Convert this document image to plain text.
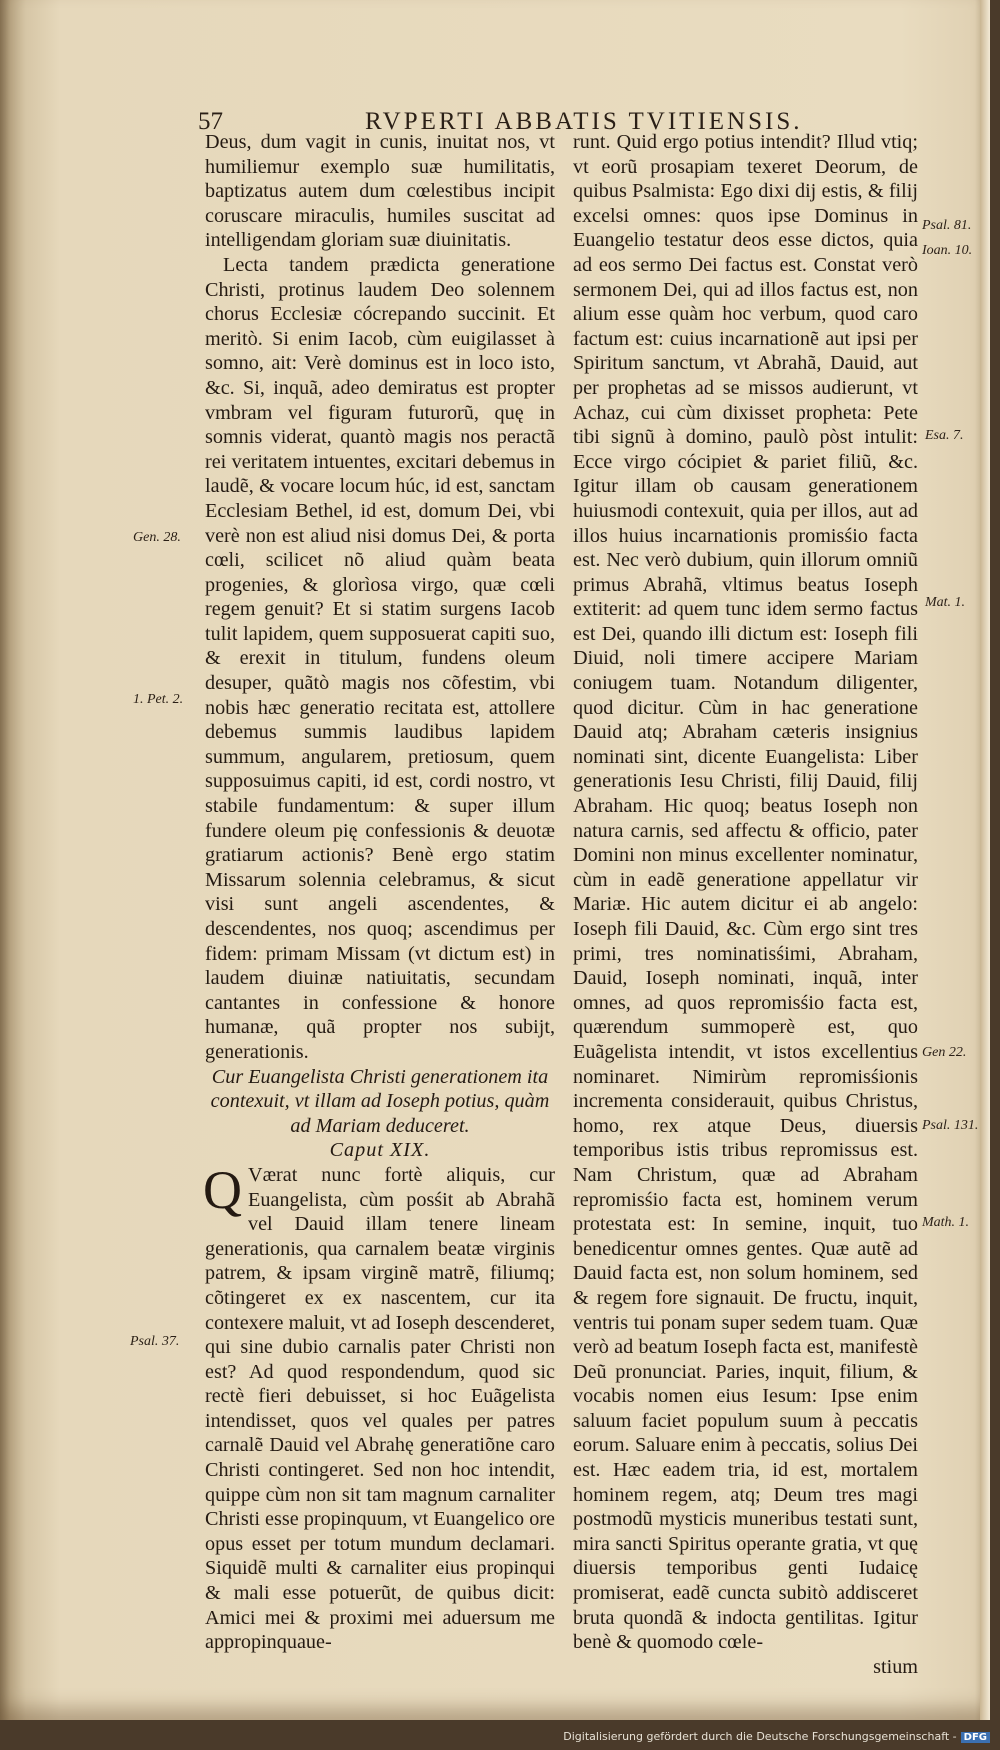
57	RVPERTI ABBATIS TVITIENSIS.

Deus, dum vagit in cunis, inuitat nos, vt humiliemur exemplo suæ humilitatis, baptizatus autem dum cœlestibus incipit coruscare miraculis, humiles suscitat ad intelligendam gloriam suæ diuinitatis.

Lecta tandem prædicta generatione Christi, protinus laudem Deo solennem chorus Ecclesiæ cócrepando succinit. Et meritò. Si enim Iacob, cùm euigilasset à somno, ait: Verè dominus est in loco isto, &c. Si, inquã, adeo demiratus est propter vmbram vel figuram futurorũ, quę in somnis viderat, quantò magis nos peractã rei veritatem intuentes, excitari debemus in laudẽ, & vocare locum húc, id est, sanctam Ecclesiam Bethel, id est, domum Dei, vbi verè non est aliud nisi domus Dei, & porta cœli, scilicet nõ aliud quàm beata progenies, & glorìosa virgo, quæ cœli regem genuit? Et si statim surgens Iacob tulit lapidem, quem supposuerat capiti suo, & erexit in titulum, fundens oleum desuper, quãtò magis nos cõfestim, vbi nobis hæc generatio recitata est, attollere debemus summis laudibus lapidem summum, angularem, pretiosum, quem supposuimus capiti, id est, cordi nostro, vt stabile fundamentum: & super illum fundere oleum pię confessionis & deuotæ gratiarum actionis? Benè ergo statim Missarum solennia celebramus, & sicut visi sunt angeli ascendentes, & descendentes, nos quoq; ascendimus per fidem: primam Missam (vt dictum est) in laudem diuinæ natiuitatis, secundam cantantes in confessione & honore humanæ, quã propter nos subijt, generationis.

Cur Euangelista Christi generationem ita contexuit, vt illam ad Ioseph potius, quàm ad Mariam deduceret.

Caput XIX.

Q Værat nunc fortè aliquis, cur Euangelista, cùm posśit ab Abrahã vel Dauid illam tenere lineam generationis, qua carnalem beatæ virginis patrem, & ipsam virginẽ matrẽ, filiumq; cõtingeret ex ex nascentem, cur ita contexere maluit, vt ad Ioseph descenderet, qui sine dubio carnalis pater Christi non est? Ad quod respondendum, quod sic rectè fieri debuisset, si hoc Euãgelista intendisset, quos vel quales per patres carnalẽ Dauid vel Abrahę generatiõne caro Christi contingeret. Sed non hoc intendit, quippe cùm non sit tam magnum carnaliter Christi esse propinquum, vt Euangelico ore opus esset per totum mundum declamari. Siquidẽ multi & carnaliter eius propinqui & mali esse potuerũt, de quibus dicit: Amici mei & proximi mei aduersum me appropinquaue-

runt. Quid ergo potius intendit? Illud vtiq; vt eorũ prosapiam texeret Deorum, de quibus Psalmista: Ego dixi dij estis, & filij excelsi omnes: quos ipse Dominus in Euangelio testatur deos esse dictos, quia ad eos sermo Dei factus est. Constat verò sermonem Dei, qui ad illos factus est, non alium esse quàm hoc verbum, quod caro factum est: cuius incarnationẽ aut ipsi per Spiritum sanctum, vt Abrahã, Dauid, aut per prophetas ad se missos audierunt, vt Achaz, cui cùm dixisset propheta: Pete tibi signũ à domino, paulò pòst intulit: Ecce virgo cócipiet & pariet filiũ, &c. Igitur illam ob causam generationem huiusmodi contexuit, quia per illos, aut ad illos huius incarnationis promisśio facta est. Nec verò dubium, quin illorum omniũ primus Abrahã, vltimus beatus Ioseph extiterit: ad quem tunc idem sermo factus est Dei, quando illi dictum est: Ioseph fili Diuid, noli timere accipere Mariam coniugem tuam. Notandum diligenter, quod dicitur. Cùm in hac generatione Dauid atq; Abraham cæteris insignius nominati sint, dicente Euangelista: Liber generationis Iesu Christi, filij Dauid, filij Abraham. Hic quoq; beatus Ioseph non natura carnis, sed affectu & officio, pater Domini non minus excellenter nominatur, cùm in eadẽ generatione appellatur vir Mariæ. Hic autem dicitur ei ab angelo: Ioseph fili Dauid, &c. Cùm ergo sint tres primi, tres nominatisśimi, Abraham, Dauid, Ioseph nominati, inquã, inter omnes, ad quos repromisśio facta est, quærendum summoperè est, quo Euãgelista intendit, vt istos excellentius nominaret. Nimirùm repromisśionis incrementa considerauit, quibus Christus, homo, rex atque Deus, diuersis temporibus istis tribus repromissus est. Nam Christum, quæ ad Abraham repromisśio facta est, hominem verum protestata est: In semine, inquit, tuo benedicentur omnes gentes. Quæ autẽ ad Dauid facta est, non solum hominem, sed & regem fore signauit. De fructu, inquit, ventris tui ponam super sedem tuam. Quæ verò ad beatum Ioseph facta est, manifestè Deũ pronunciat. Paries, inquit, filium, & vocabis nomen eius Iesum: Ipse enim saluum faciet populum suum à peccatis eorum. Saluare enim à peccatis, solius Dei est. Hæc eadem tria, id est, mortalem hominem regem, atq; Deum tres magi postmodũ mysticis muneribus testati sunt, mira sancti Spiritus operante gratia, vt quę diuersis temporibus genti Iudaicę promiserat, eadẽ cuncta subitò addisceret bruta quondã & indocta gentilitas. Igitur benè & quomodo cœle-

stium

Gen. 28.
1. Pet. 2.
Psal. 37.
Psal. 81.
Ioan. 10.
Esa. 7.
Mat. 1.
Gen 22.
Psal. 131.
Math. 1.
Digitalisierung gefördert durch die Deutsche Forschungsgemeinschaft - DFG
